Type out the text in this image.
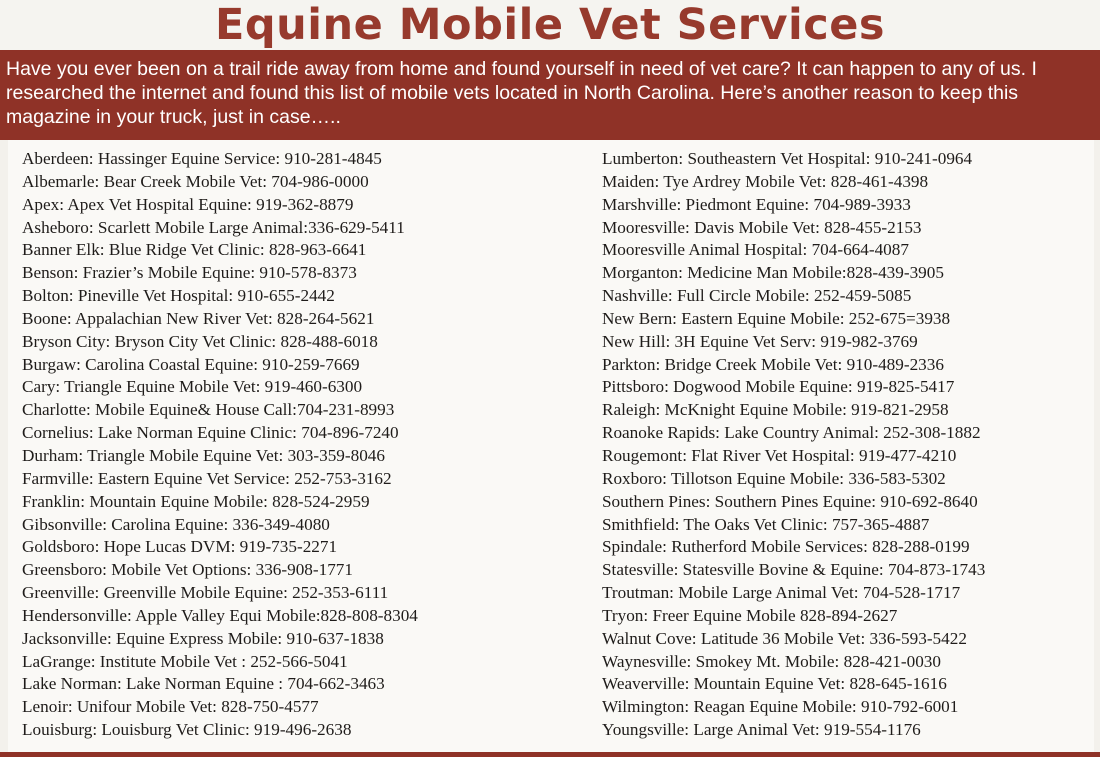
Equine Mobile Vet Services

Have you ever been on a trail ride away from home and found yourself in need of vet care? It can happen to any of us. I researched the internet and found this list of mobile vets located in North Carolina. Here’s another reason to keep this magazine in your truck, just in case…..

Aberdeen: Hassinger Equine Service: 910-281-4845
Albemarle: Bear Creek Mobile Vet: 704-986-0000
Apex: Apex Vet Hospital Equine: 919-362-8879
Asheboro: Scarlett Mobile Large Animal:336-629-5411
Banner Elk: Blue Ridge Vet Clinic: 828-963-6641
Benson: Frazier’s Mobile Equine: 910-578-8373
Bolton: Pineville Vet Hospital: 910-655-2442
Boone: Appalachian New River Vet: 828-264-5621
Bryson City: Bryson City Vet Clinic: 828-488-6018
Burgaw: Carolina Coastal Equine: 910-259-7669
Cary: Triangle Equine Mobile Vet: 919-460-6300
Charlotte: Mobile Equine& House Call:704-231-8993
Cornelius: Lake Norman Equine Clinic: 704-896-7240
Durham: Triangle Mobile Equine Vet: 303-359-8046
Farmville: Eastern Equine Vet Service: 252-753-3162
Franklin: Mountain Equine Mobile: 828-524-2959
Gibsonville: Carolina Equine: 336-349-4080
Goldsboro: Hope Lucas DVM: 919-735-2271
Greensboro: Mobile Vet Options: 336-908-1771
Greenville: Greenville Mobile Equine: 252-353-6111
Hendersonville: Apple Valley Equi Mobile:828-808-8304
Jacksonville: Equine Express Mobile: 910-637-1838
LaGrange: Institute Mobile Vet : 252-566-5041
Lake Norman: Lake Norman Equine : 704-662-3463
Lenoir: Unifour Mobile Vet: 828-750-4577
Louisburg: Louisburg Vet Clinic: 919-496-2638
Lumberton: Southeastern Vet Hospital: 910-241-0964
Maiden: Tye Ardrey Mobile Vet: 828-461-4398
Marshville: Piedmont Equine: 704-989-3933
Mooresville: Davis Mobile Vet: 828-455-2153
Mooresville Animal Hospital: 704-664-4087
Morganton: Medicine Man Mobile:828-439-3905
Nashville: Full Circle Mobile: 252-459-5085
New Bern: Eastern Equine Mobile: 252-675=3938
New Hill: 3H Equine Vet Serv: 919-982-3769
Parkton: Bridge Creek Mobile Vet: 910-489-2336
Pittsboro: Dogwood Mobile Equine: 919-825-5417
Raleigh: McKnight Equine Mobile: 919-821-2958
Roanoke Rapids: Lake Country Animal: 252-308-1882
Rougemont: Flat River Vet Hospital: 919-477-4210
Roxboro: Tillotson Equine Mobile: 336-583-5302
Southern Pines: Southern Pines Equine: 910-692-8640
Smithfield: The Oaks Vet Clinic: 757-365-4887
Spindale: Rutherford Mobile Services: 828-288-0199
Statesville: Statesville Bovine & Equine: 704-873-1743
Troutman: Mobile Large Animal Vet: 704-528-1717
Tryon: Freer Equine Mobile 828-894-2627
Walnut Cove: Latitude 36 Mobile Vet: 336-593-5422
Waynesville: Smokey Mt. Mobile: 828-421-0030
Weaverville: Mountain Equine Vet: 828-645-1616
Wilmington: Reagan Equine Mobile: 910-792-6001
Youngsville: Large Animal Vet: 919-554-1176
